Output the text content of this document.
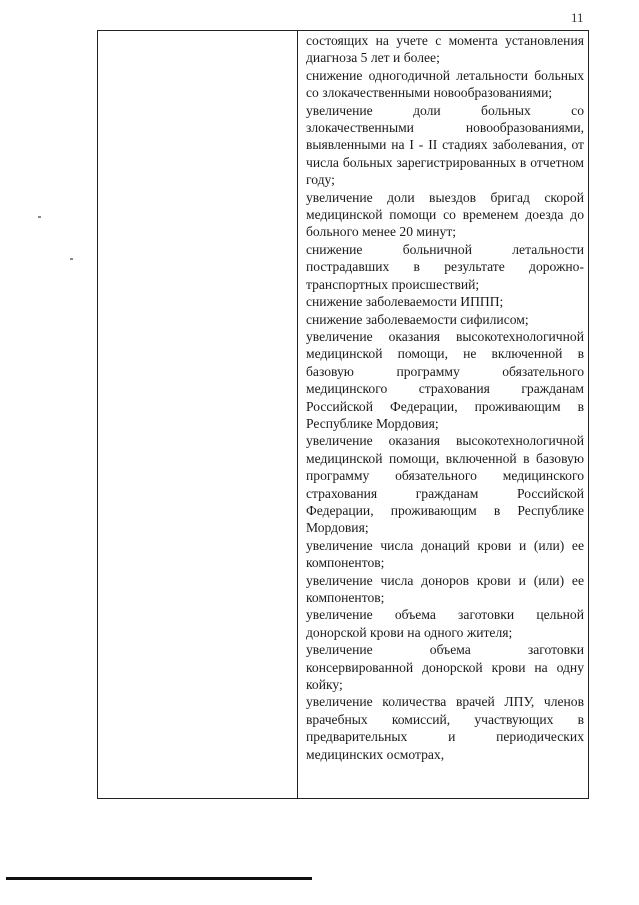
11

состоящих на учете с момента установления диагноза 5 лет и более;

снижение одногодичной летальности больных со злокачественными новообразованиями;

увеличение доли больных со злокачественными новообразованиями, выявленными на I - II стадиях заболевания, от числа больных зарегистрированных в отчетном году;

увеличение доли выездов бригад скорой медицинской помощи со временем доезда до больного менее 20 минут;

снижение больничной летальности пострадавших в результате дорожно-транспортных происшествий;

снижение заболеваемости ИППП;

снижение заболеваемости сифилисом;

увеличение оказания высокотехнологичной медицинской помощи, не включенной в базовую программу обязательного медицинского страхования гражданам Российской Федерации, проживающим в Республике Мордовия;

увеличение оказания высокотехнологичной медицинской помощи, включенной в базовую программу обязательного медицинского страхования гражданам Российской Федерации, проживающим в Республике Мордовия;

увеличение числа донаций крови и (или) ее компонентов;

увеличение числа доноров крови и (или) ее компонентов;

увеличение объема заготовки цельной донорской крови на одного жителя;

увеличение объема заготовки консервированной донорской крови на одну койку;

увеличение количества врачей ЛПУ, членов врачебных комиссий, участвующих в предварительных и периодических медицинских осмотрах,
